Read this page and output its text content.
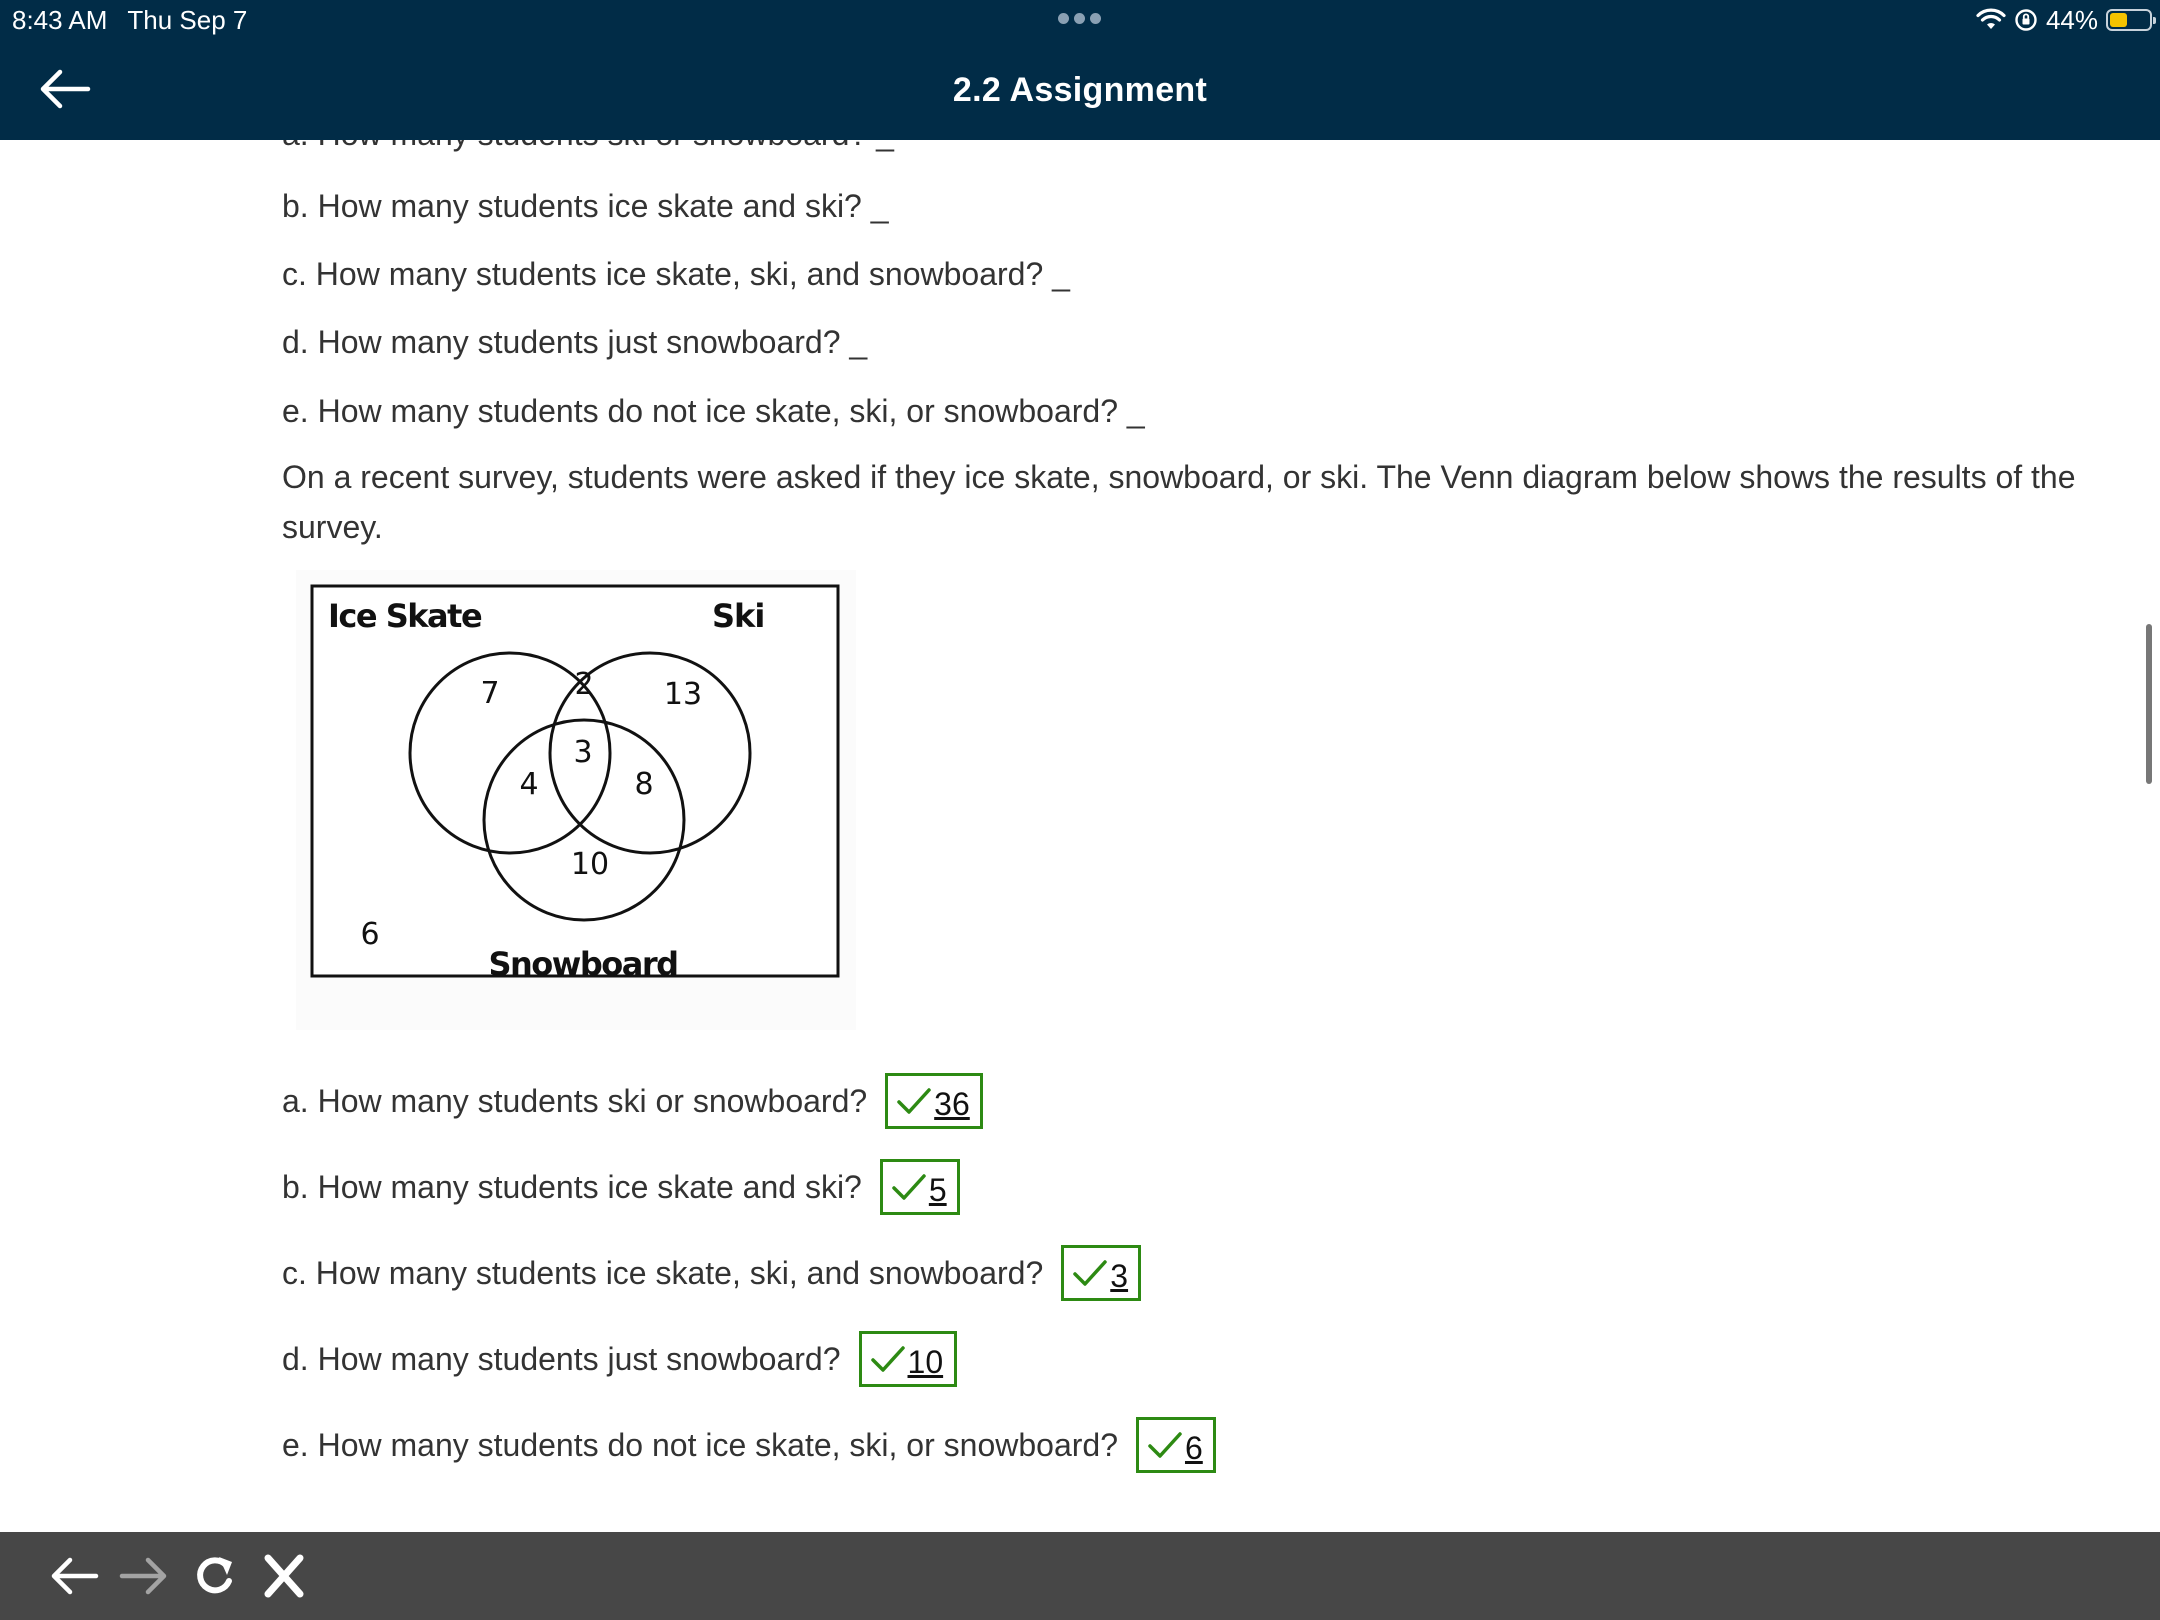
8:43 AM Thu Sep 7	44%
2.2 Assignment
b. How many students ice skate and ski? _
c. How many students ice skate, ski, and snowboard? _
d. How many students just snowboard? _
e. How many students do not ice skate, ski, or snowboard? _
On a recent survey, students were asked if they ice skate, snowboard, or ski. The Venn diagram below shows the results of the survey.
Ice Skate	Ski
Snowboard
7 2 13
3
4	8
10
6
a. How many students ski or snowboard? 36
b. How many students ice skate and ski? 5
c. How many students ice skate, ski, and snowboard? 3
d. How many students just snowboard? 10
e. How many students do not ice skate, ski, or snowboard? 6
